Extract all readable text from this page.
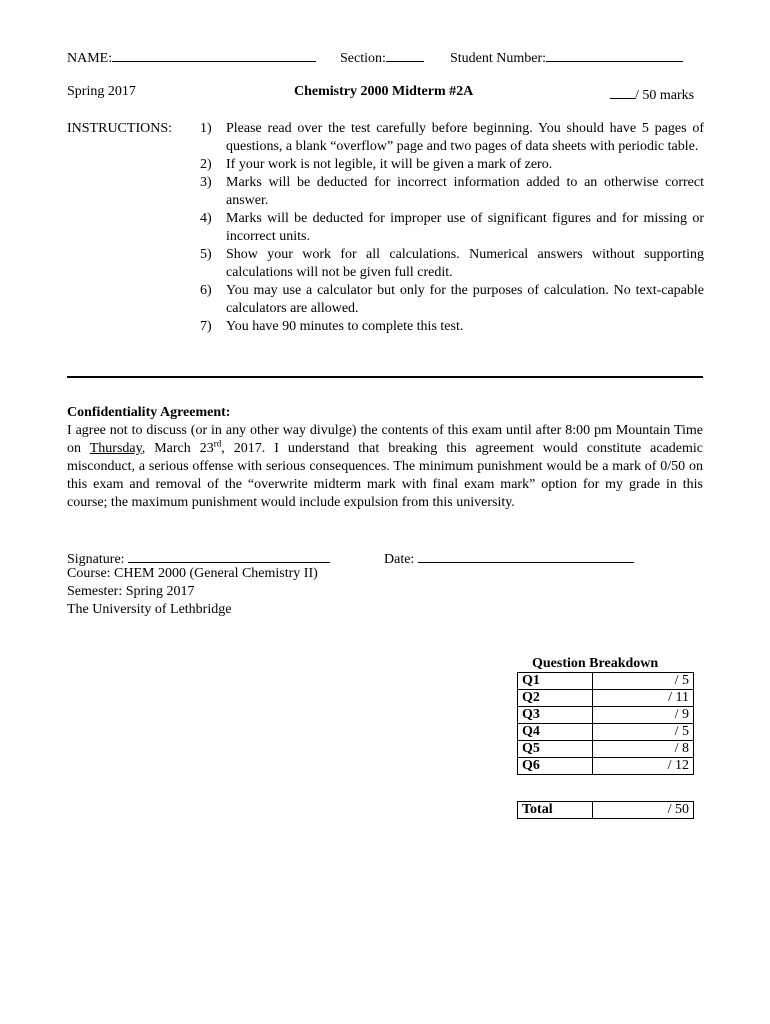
NAME:	Section:	Student Number:
Spring 2017	Chemistry 2000 Midterm #2A	/ 50 marks
INSTRUCTIONS: 1)	Please read over the test carefully before beginning. You should have 5 pages of questions, a blank “overflow” page and two pages of data sheets with periodic table.
2)	If your work is not legible, it will be given a mark of zero.
3)	Marks will be deducted for incorrect information added to an otherwise correct answer.
4)	Marks will be deducted for improper use of significant figures and for missing or incorrect units.
5)	Show your work for all calculations. Numerical answers without supporting calculations will not be given full credit.
6)	You may use a calculator but only for the purposes of calculation. No text-capable calculators are allowed.
7)	You have 90 minutes to complete this test.
Confidentiality Agreement:
I agree not to discuss (or in any other way divulge) the contents of this exam until after 8:00 pm Mountain Time on Thursday, March 23rd, 2017. I understand that breaking this agreement would constitute academic misconduct, a serious offense with serious consequences. The minimum punishment would be a mark of 0/50 on this exam and removal of the “overwrite midterm mark with final exam mark” option for my grade in this course; the maximum punishment would include expulsion from this university.
Signature:	Date:
Course: CHEM 2000 (General Chemistry II)
Semester: Spring 2017
The University of Lethbridge
Question Breakdown
Q1	/ 5
Q2	/ 11
Q3	/ 9
Q4	/ 5
Q5	/ 8
Q6	/ 12
Total	/ 50
